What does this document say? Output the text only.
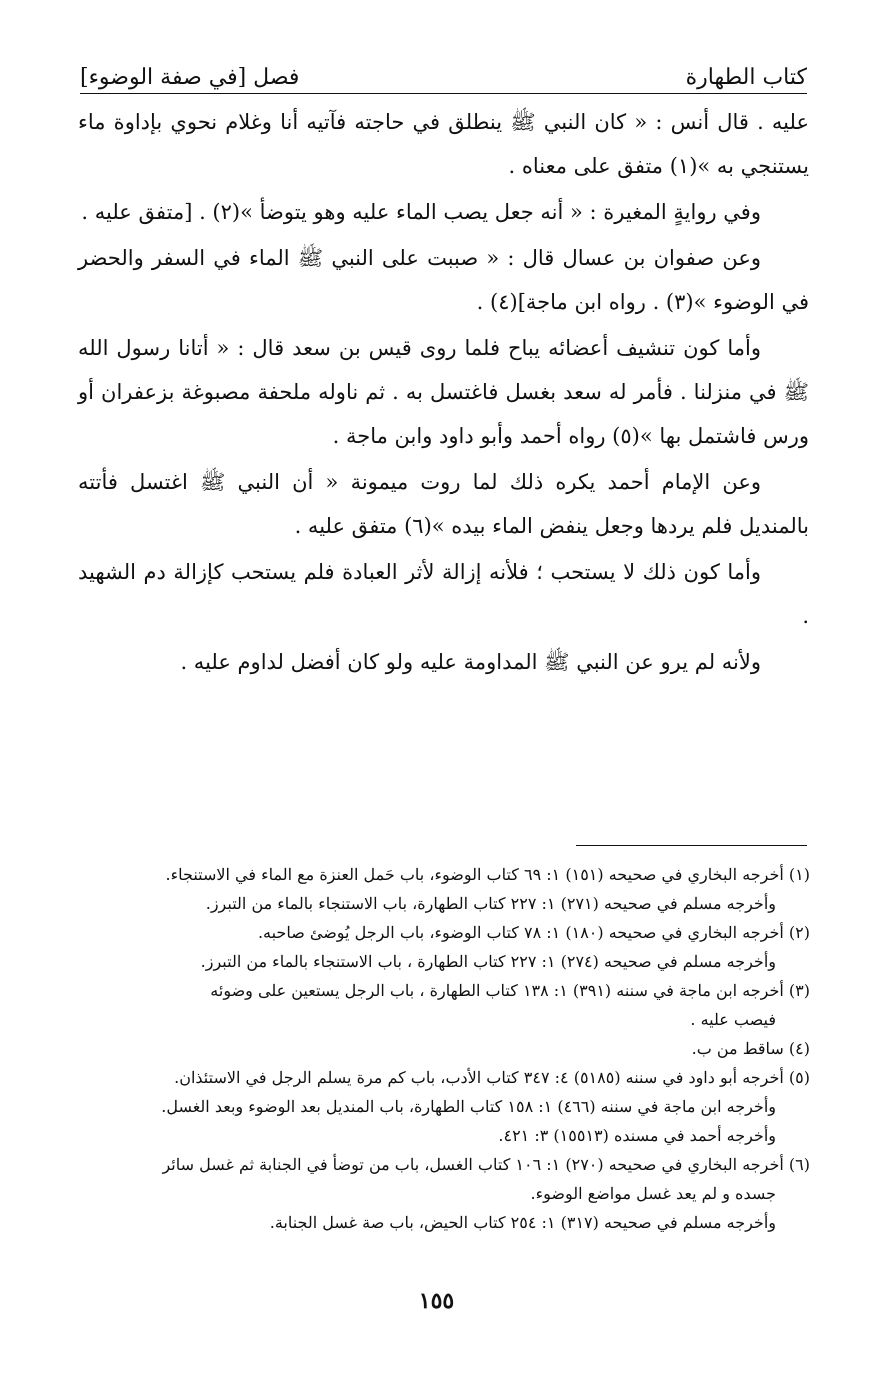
كتاب الطهارة
فصل [في صفة الوضوء]

عليه . قال أنس : « كان النبي ﷺ ينطلق في حاجته فآتيه أنا وغلام نحوي بإداوة ماء يستنجي به »(١) متفق على معناه .

وفي روايةٍ المغيرة : « أنه جعل يصب الماء عليه وهو يتوضأ »(٢) . [متفق عليه .

وعن صفوان بن عسال قال : « صببت على النبي ﷺ الماء في السفر والحضر في الوضوء »(٣) . رواه ابن ماجة](٤) .

وأما كون تنشيف أعضائه يباح فلما روى قيس بن سعد قال : « أتانا رسول الله ﷺ في منزلنا . فأمر له سعد بغسل فاغتسل به . ثم ناوله ملحفة مصبوغة بزعفران أو ورس فاشتمل بها »(٥) رواه أحمد وأبو داود وابن ماجة .

وعن الإمام أحمد يكره ذلك لما روت ميمونة « أن النبي ﷺ اغتسل فأتته بالمنديل فلم يردها وجعل ينفض الماء بيده »(٦) متفق عليه .

وأما كون ذلك لا يستحب ؛ فلأنه إزالة لأثر العبادة فلم يستحب كإزالة دم الشهيد .

ولأنه لم يرو عن النبي ﷺ المداومة عليه ولو كان أفضل لداوم عليه .

(١) أخرجه البخاري في صحيحه (١٥١) ١: ٦٩ كتاب الوضوء، باب حَمل العنزة مع الماء في الاستنجاء.
وأخرجه مسلم في صحيحه (٢٧١) ١: ٢٢٧ كتاب الطهارة، باب الاستنجاء بالماء من التبرز.
(٢) أخرجه البخاري في صحيحه (١٨٠) ١: ٧٨ كتاب الوضوء، باب الرجل يُوضئ صاحبه.
وأخرجه مسلم في صحيحه (٢٧٤) ١: ٢٢٧ كتاب الطهارة ، باب الاستنجاء بالماء من التبرز.
(٣) أخرجه ابن ماجة في سننه (٣٩١) ١: ١٣٨ كتاب الطهارة ، باب الرجل يستعين على وضوئه
فيصب عليه .
(٤) ساقط من ب.
(٥) أخرجه أبو داود في سننه (٥١٨٥) ٤: ٣٤٧ كتاب الأدب، باب كم مرة يسلم الرجل في الاستئذان.
وأخرجه ابن ماجة في سننه (٤٦٦) ١: ١٥٨ كتاب الطهارة، باب المنديل بعد الوضوء وبعد الغسل.
وأخرجه أحمد في مسنده (١٥٥١٣) ٣: ٤٢١.
(٦) أخرجه البخاري في صحيحه (٢٧٠) ١: ١٠٦ كتاب الغسل، باب من توضأ في الجنابة ثم غسل سائر
جسده و لم يعد غسل مواضع الوضوء.
وأخرجه مسلم في صحيحه (٣١٧) ١: ٢٥٤ كتاب الحيض، باب صة غسل الجنابة.
١٥٥
